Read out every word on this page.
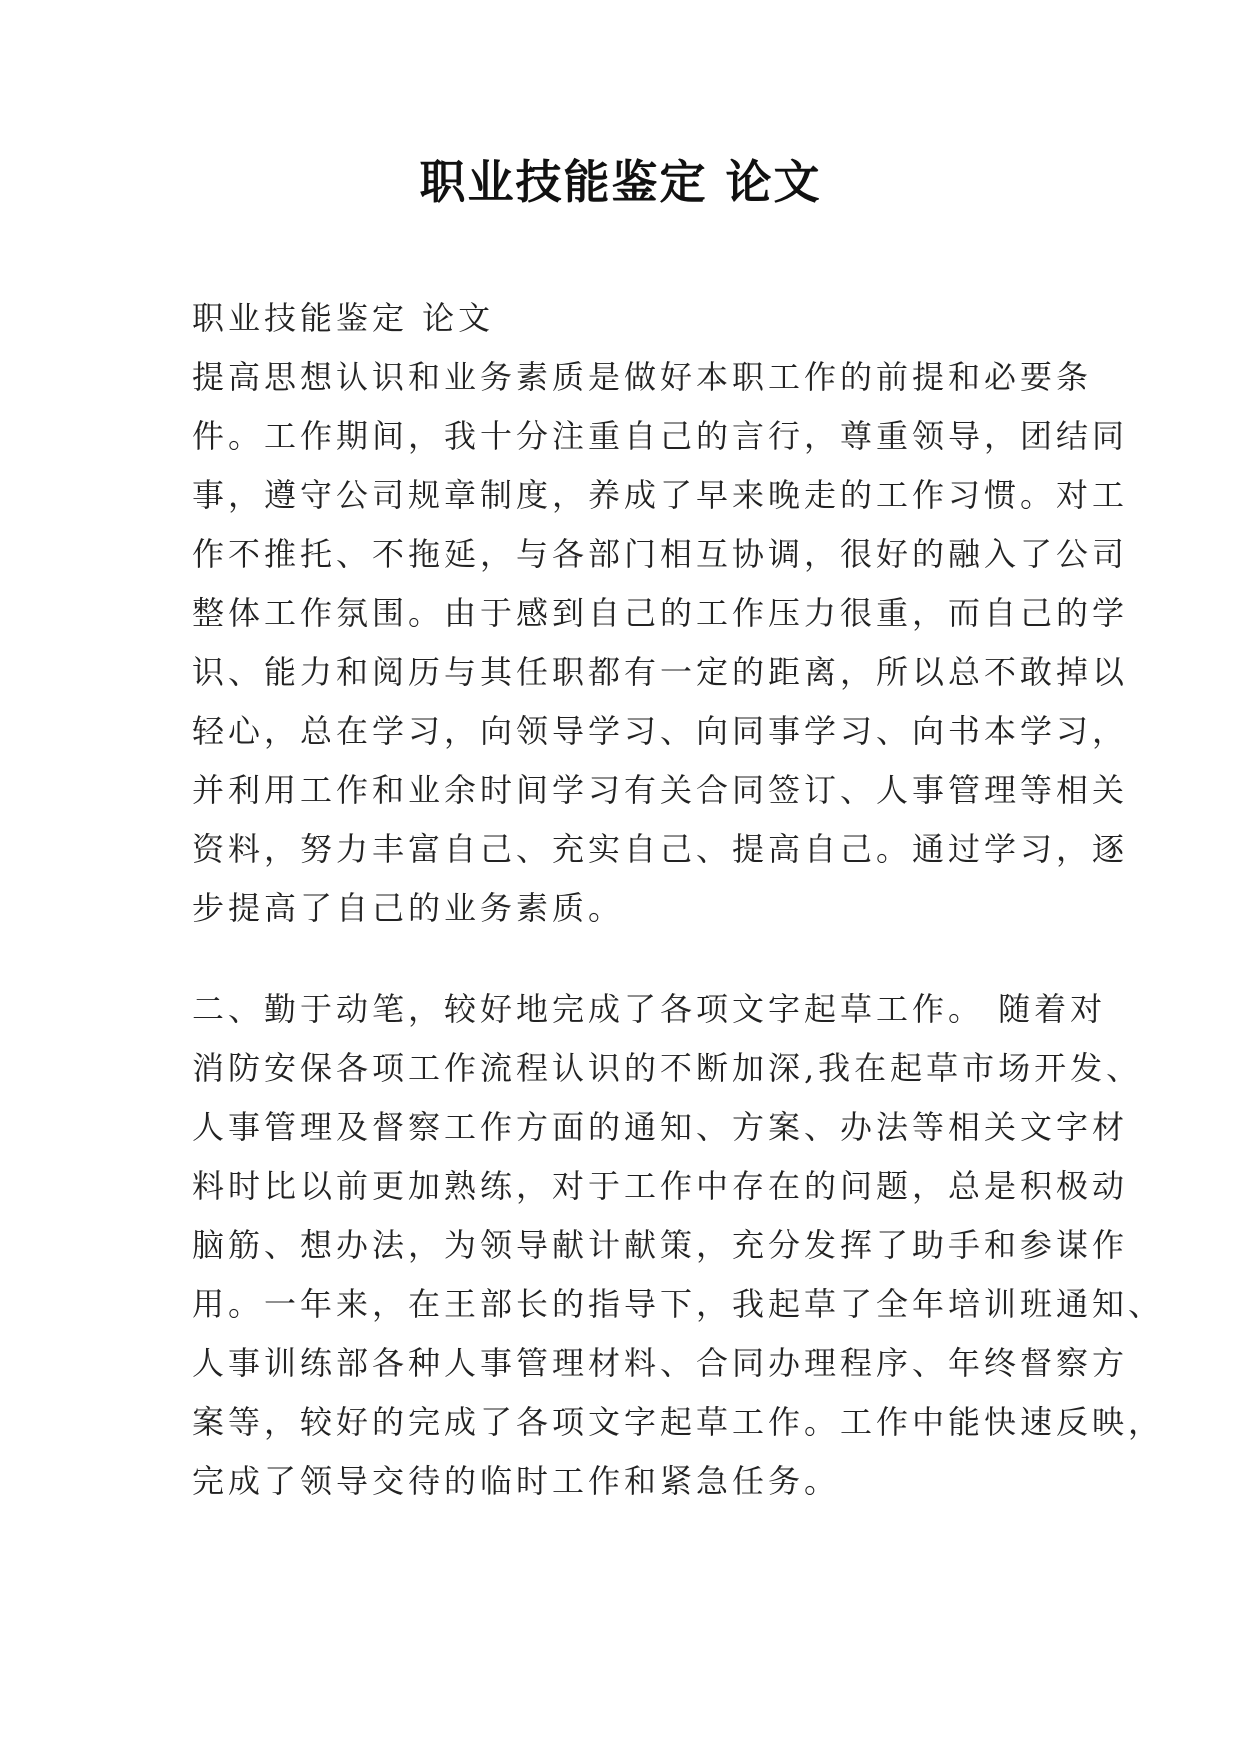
职业技能鉴定 论文
职业技能鉴定 论文
提高思想认识和业务素质是做好本职工作的前提和必要条
件。工作期间，我十分注重自己的言行，尊重领导，团结同
事，遵守公司规章制度，养成了早来晚走的工作习惯。对工
作不推托、不拖延，与各部门相互协调，很好的融入了公司
整体工作氛围。由于感到自己的工作压力很重，而自己的学
识、能力和阅历与其任职都有一定的距离，所以总不敢掉以
轻心，总在学习，向领导学习、向同事学习、向书本学习，
并利用工作和业余时间学习有关合同签订、人事管理等相关
资料，努力丰富自己、充实自己、提高自己。通过学习，逐
步提高了自己的业务素质。
二、勤于动笔，较好地完成了各项文字起草工作。 随着对
消防安保各项工作流程认识的不断加深,我在起草市场开发、
人事管理及督察工作方面的通知、方案、办法等相关文字材
料时比以前更加熟练，对于工作中存在的问题，总是积极动
脑筋、想办法，为领导献计献策，充分发挥了助手和参谋作
用。一年来，在王部长的指导下，我起草了全年培训班通知、
人事训练部各种人事管理材料、合同办理程序、年终督察方
案等，较好的完成了各项文字起草工作。工作中能快速反映，
完成了领导交待的临时工作和紧急任务。
